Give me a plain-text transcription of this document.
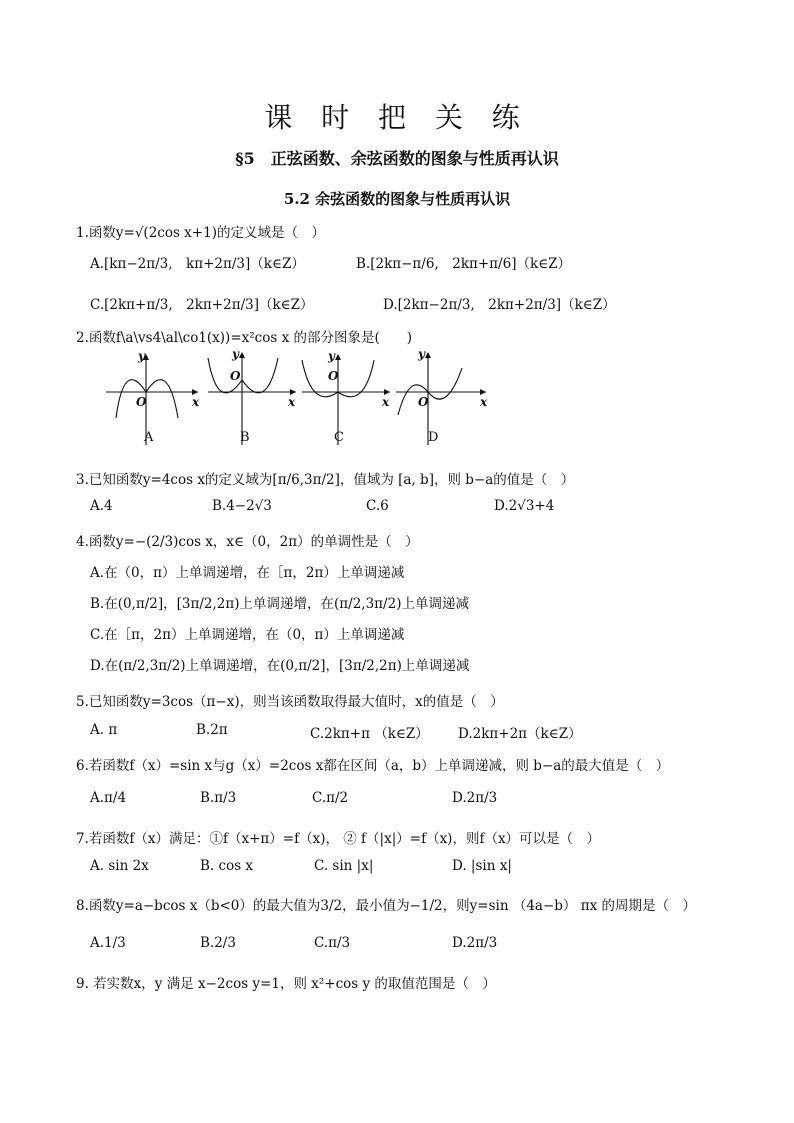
课 时 把 关 练
§5　正弦函数、余弦函数的图象与性质再认识
5.2 余弦函数的图象与性质再认识
1.函数y=√(2cos x+1)的定义域是（　）
A.[kπ−2π/3,　kπ+2π/3]（k∈Z）	B.[2kπ−π/6,　2kπ+π/6]（k∈Z）
C.[2kπ+π/3,　2kπ+2π/3]（k∈Z）	D.[2kπ−2π/3,　2kπ+2π/3]（k∈Z）
2.函数f\a\vs4\al\co1(x))=x²cos x 的部分图象是(　　)
y
O	x
y
O
x
y
O
x
y
O	x
A	B	C	D
3.已知函数y=4cos x的定义域为[π/6,3π/2]，值域为 [a, b]，则 b−a的值是（　）
A.4	B.4−2√3	C.6	D.2√3+4
4.函数y=−(2/3)cos x，x∈（0，2π）的单调性是（　）
A.在（0，π）上单调递增，在［π，2π）上单调递减
B.在(0,π/2]，[3π/2,2π)上单调递增，在(π/2,3π/2)上单调递减
C.在［π，2π）上单调递增，在（0，π）上单调递减
D.在(π/2,3π/2)上单调递增，在(0,π/2]，[3π/2,2π)上单调递减
5.已知函数y=3cos（π−x)，则当该函数取得最大值时，x的值是（　）
A. π	B.2π	C.2kπ+π （k∈Z） D.2kπ+2π（k∈Z）
6.若函数f（x）=sin x与g（x）=2cos x都在区间（a，b）上单调递减，则 b−a的最大值是（　）
A.π/4	B.π/3	C.π/2	D.2π/3
7.若函数f（x）满足：①f（x+π）=f（x)， ② f（|x|）=f（x)，则f（x）可以是（　）
A. sin 2x	B. cos x	C. sin |x|	D. |sin x|
8.函数y=a−bcos x（b<0）的最大值为3/2，最小值为−1/2，则y=sin （4a−b） πx 的周期是（　）
A.1/3	B.2/3	C.π/3	D.2π/3
9. 若实数x，y 满足 x−2cos y=1，则 x²+cos y 的取值范围是（　）
